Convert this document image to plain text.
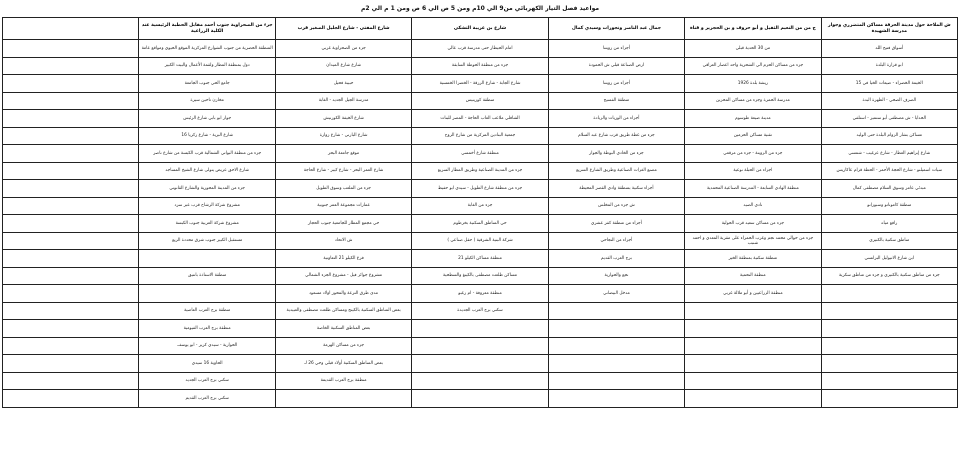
مواعيد فصل التيار الكهربائي من9 الي 10م ومن 5 ص الي 6 ص ومن 1 م الي 2م
ش الملاحة حول مدينة الحرفة مساكن المتضرري وجوار مدرسة الشهيدة	ج من من النعيم الثقيل و أبو حروف و بن الحجرير و قناة	جمال عبد الناصر ونجوزات وسيدي كمال	شارع بن عزيبة التشكي	شارع المقتي - شارع الجليل الصغير قرب	جزء من الصحراوية جنوب أحمد مقابل الحطبة الرئيسية عند الكلية الزراعية	
أسواق فتيح الله	من 30 الحدية قبلي	أجزاء من زويتنا	امام الحيطار حتى مدرسة قرب عالي	جزء من الصحراوية غربي	المنطقة الحضرية من جنوب الشوارع المركزية الموقع الحيوي ومواقع عامة	
ابو قرارة البلدة	جزء من مساكن الحزم الي الشحرية واحد اعصار العراقي	ارض الصناعة قبلي ش الحمودة	جزء من منطقة الحوطة السابقة	شارع شارع الميدان	دول بمنطقة المطار ولقمة الأعمال والبيت الكبير	
الخيمة الخضراء - ضيعات الخيا في 15	ريشة بلدة 1926	أجزاء من زويتنا	شارع الجابة - شارع الرزقة - الخضرا الخمسية	حبيبة فحيل	جامع الحي جنوب الجامعة	
الصرف الصحي - الظهرة البدة	مدرسة الحمرة وجزء من مساكن المحزين	منطقة الفسيح	منطقة كوزينيس	مدرسة الجيل الجديد - الغابة	مخازن تاحين سيرة	
الحدايا - ش مصطفى أبو ستمير - استلفي	مدينة ضيعة طوسوم	أجزاء من الوزيات والزيادة	الشافلي ملاعب العاب الحاجة - المصر للبنات	شارع الخيفة الكورنيش	جوار ابو بابي شارع الرئيس	
مساكن بشار الزوام البلدة حتى الوليد	تقنية مساكن الحزمين	جزء من غطة طريق قرب شارع عبد السلام	جمعية البنادين المركزية من شارع الروح	شارع البارني - شارع زوارة	شارع البرية - شارع زكريا 16	
شارع إبراهيم العطار - شارع عرغيب - شمسي	جزء من الزويتة - جزء من مرقعي	جزء من الخادي البوطة والجوار	منطقة شارع أخمسي	موقع جامعة البحر	جزء من منطقة البواتي الشمالية قرب الكبسة من شارع ناصر	
سيات اسميلنو - شارع الحجة الأحمر - الحطة قرام عاكاريس	اجزاء من الحبلة نوعية	مصنع الغزات الصناعية وطريق الشارع السريع	جزء من المدينة الصناعية وطريق المطار السريع	شارع العمر البحر - شارع كيبر - شارع الحاجة	شارع الاحق عريض يتولى شارع الشيخ المساجد	
مبدئي عامر وسوق السلام مصطفى كمال	منطقة الهادي السابعة - المدرسة الصناعية المحمدية	أجزاء سكنية بمنطقة وادي القصر المحيطة	جزء من منطقة شارع الطويل - سيدي ابو حفيط	جزء من الملعب وسوق الطويل	جزء من المدينة المحورية والشارع القانوني	
منطقة كاموناتو وسبوزانو	نادي الصيد	ش جزء من المخلس	جزء من الغابة	عمارات مجموعة العمر جنوبية	مشروع شركة الرشاح قرب عبر سرد	
رافع مياه	جزء من مساكن سعيد قرب الحولية	أجزاء من منطقة كفر عشري	حي المناطق السكنية بخرطوم	حي مجمع المطار للجامعية جنوب الحجاز	مشروع شركة العربية جنوب الكبسة	
مناطق سكنية بالكنيري	جزء من حوالي محمد نجم وغرب الحمراء على مقربة المعدي و احمد شنبب	أجزاء من النجاحي	شركة البنية الشرقية ( حقل صناعي )	ش الاتحاد	مستقبل الكبير جنوب شرق محددة الربع	
ابن شارع الاتيوليل البرانسي	منطقة سكنية بمنطقة الخير	برج العرب القديم	منطقة مساكن الكيلو 21	فرع الكيلو 21 التعاونية		
جزء من مناطق سكنية بالكنيري و جزء من مناطق سكرية	منطقة النحمية	نجع والحوارية	مساكن طلعت مصطفى بالكينغ والسطحية	مشروع جوائز فيل - مشروع الجزء الشمالي	منطقة الاستاذة بانتيق	
	منطقة الزراعيين و أبو ملالة غربي	مدخل البيضاني	منطقة معروفة - ام زغبو	مدى طرق الترعة والمحوز اولاد مسعود		
			سكني برج العرب الجديدة	بعض المناطق السكنية بالكينج ومساكن طلعت مصطفى والعبيدية	منطقة برج العرب العاصية	
				بعض المناطق السكنية الخاصة	منطقة برج العرب الفيومية	
				جزء من مساكن الهرمة	الحوارية - سيدي كرير - ابو يوسف	
				بعض المناطق السكنية أولاد قبلي وحي 26 لـ	الحاوية 16 سيدي	
				منطقة برج العرب القديمة	سكني برج العرب الجديد	
					سكني برج العرب القديم	
